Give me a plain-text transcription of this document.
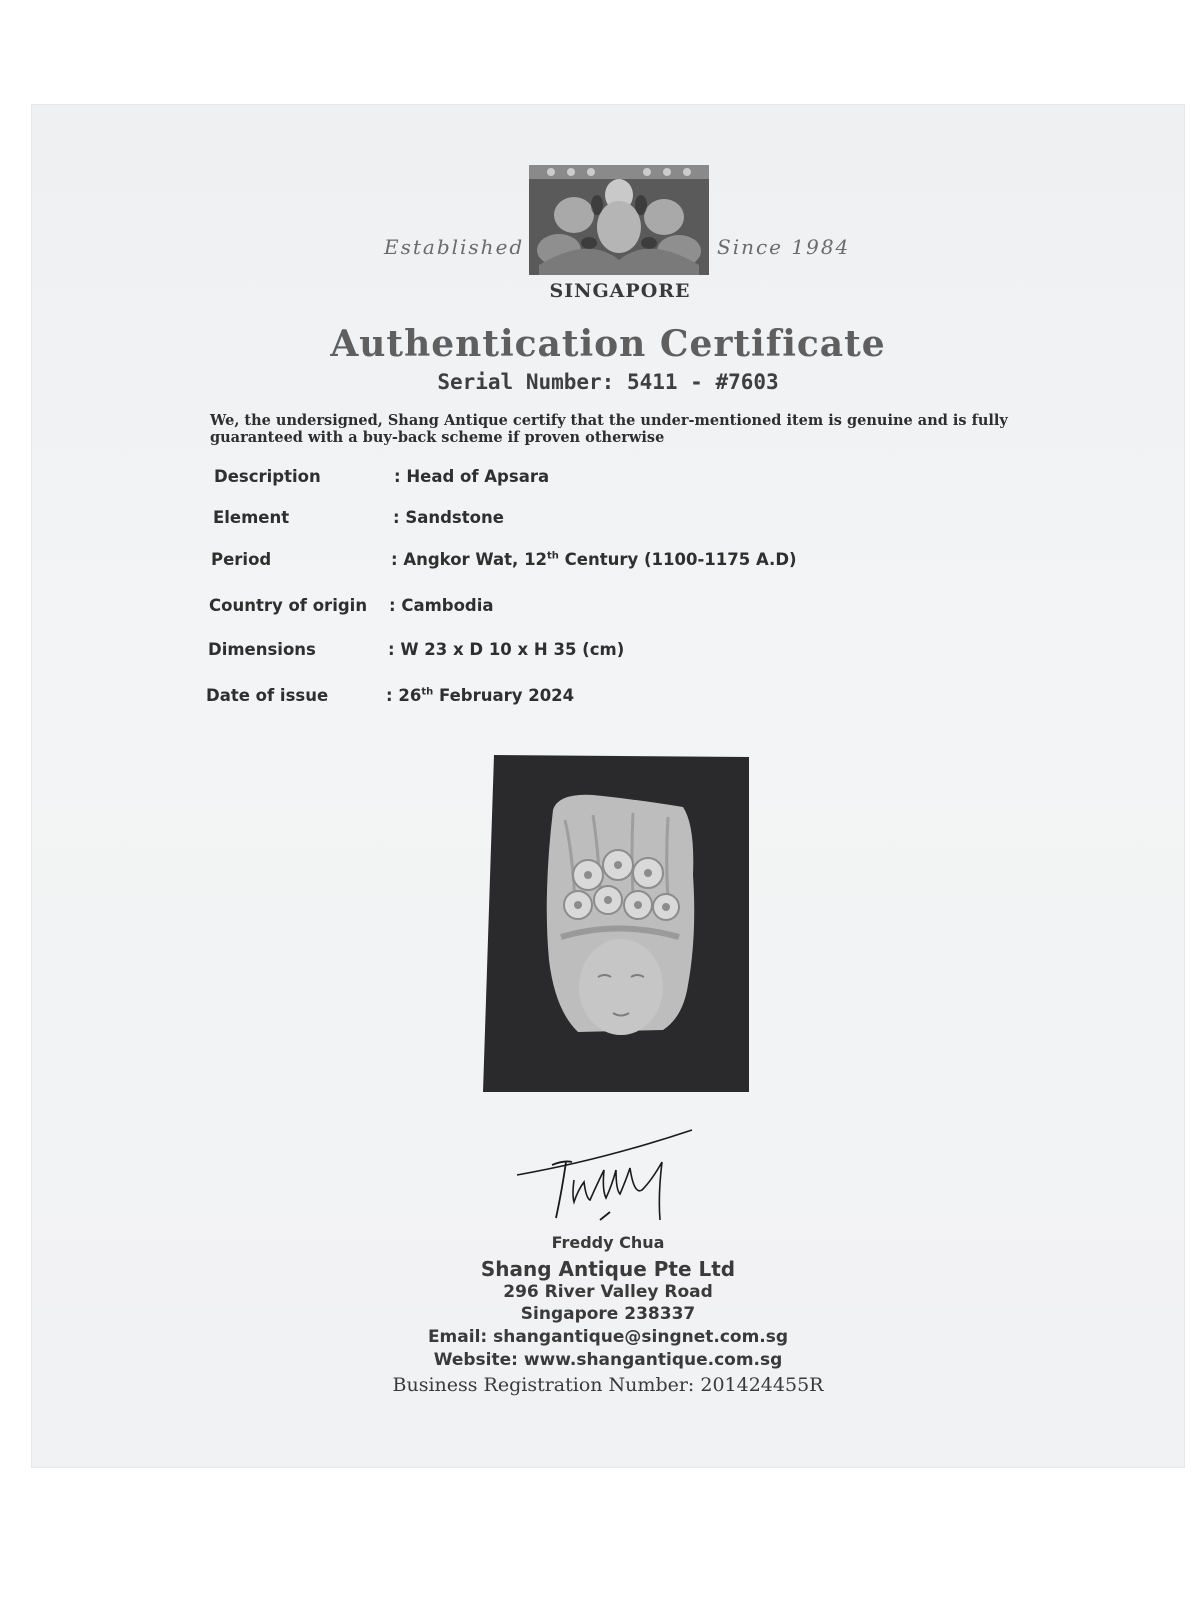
Established	Since 1984
SINGAPORE
Authentication Certificate
Serial Number: 5411 - #7603
We, the undersigned, Shang Antique certify that the under-mentioned item is genuine and is fully guaranteed with a buy-back scheme if proven otherwise
Description	: Head of Apsara
Element	: Sandstone
Period	: Angkor Wat, 12th Century (1100-1175 A.D)
Country of origin : Cambodia
Dimensions	: W 23 x D 10 x H 35 (cm)
Date of issue	: 26th February 2024
Freddy Chua
Shang Antique Pte Ltd
296 River Valley Road
Singapore 238337
Email: shangantique@singnet.com.sg
Website: www.shangantique.com.sg
Business Registration Number: 201424455R
